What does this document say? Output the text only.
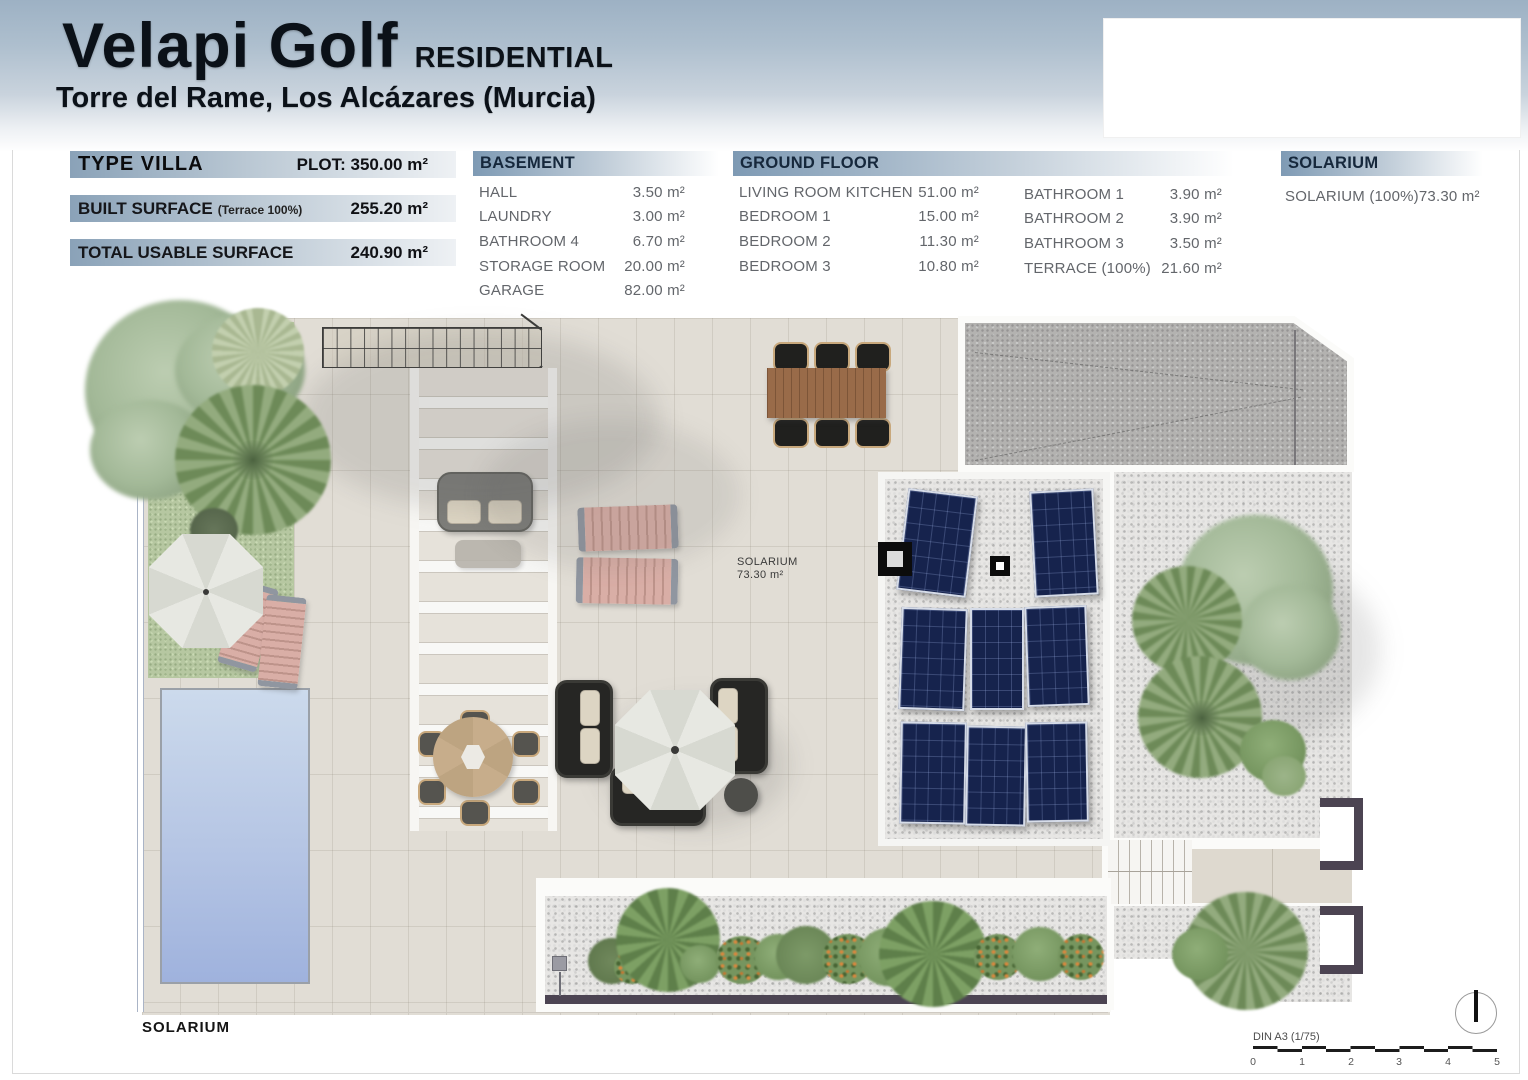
Velapi Golf RESIDENTIAL
Torre del Rame, Los Alcázares (Murcia)
TYPE VILLA	PLOT: 350.00 m²
BUILT SURFACE (Terrace 100%)	255.20 m²
TOTAL USABLE SURFACE	240.90 m²
BASEMENT
HALL	3.50 m²
LAUNDRY	3.00 m²
BATHROOM 4	6.70 m²
STORAGE ROOM 20.00 m²
GARAGE	82.00 m²
GROUND FLOOR
LIVING ROOM KITCHEN 51.00 m²
BEDROOM 1	15.00 m²
BEDROOM 2	11.30 m²
BEDROOM 3	10.80 m²
BATHROOM 1	3.90 m²
BATHROOM 2	3.90 m²
BATHROOM 3	3.50 m²
TERRACE (100%) 21.60 m²
SOLARIUM
SOLARIUM (100%) 73.30 m²
SOLARIUM
73.30 m²
SOLARIUM
DIN A3 (1/75)
0	1	2	3	4	5
